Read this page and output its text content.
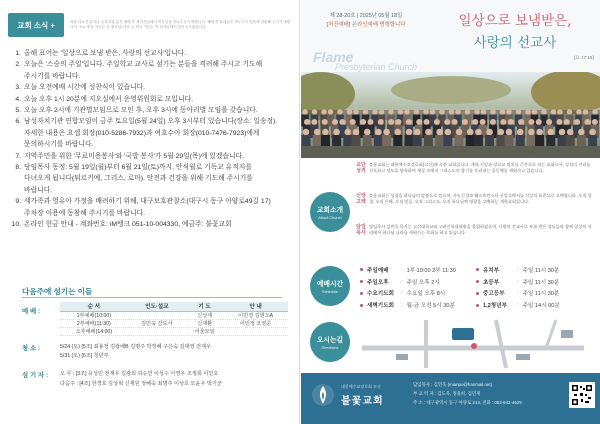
교회 소식 +	처음 나오신 분이나 등록하실 분은 예배 후 새가족실에서 목사님을 만나주시기 바랍니다. 예배 중 휴대폰은 꺼두시고 말씀에 집중해 주시기 바랍니다. 오늘 헌금 기도는 김 집사님, 다음 주 헌금 기도는 이 집사님께서 맡아주시겠습니다.
1. 올해 표어는 '일상으로 보냄 받은, 사랑의 선교사'입니다.
2. 오늘은 '스승의 주일'입니다. 주일학교 교사로 섬기는 분들을 격려해 주시고 기도해
주시기를 바랍니다.
3. 오늘 오전예배 시간에 성찬식이 있습니다.
4. 오늘 오후 1시 20분에 지오실에서 운영위원회로 모입니다.
5. 오늘 오후 2시에 기관별모임으로 모인 후, 오후 3시에 동아리별 모임을 갖습니다.
6. 남성자치기관 연합모임이 금주 토요일(5월 24일) 오후 3시부터 있습니다(장소: 일송정).
자세한 내용은 요셉 회장(010-5286-7932)과 여호수아 회장(010-7476-7923)에게
문의하시기를 바랍니다.
7. 지역주민을 위한 '무료미용봉사'와 '국밥 봉사'가 5월 29일(목)에 있겠습니다.
8. 당임목사 동정: 5월 19일(월)부터 6월 21일(토)까지, 안식월로 기독교 유적지를
다녀오게 됩니다(튀르키예, 그리스, 로마). 안전과 건강을 위해 기도해 주시기를
바랍니다.
9. 세가족과 영유아 가정을 배려하기 위해, 대구보호관찰소(대구시 동구 아양로49길 17)
주차장 이용에 동참해 주시기를 바랍니다.
10. 온라인 헌금 안내 - 계좌번호: iM뱅크 051-10-004330, 예금주: 불꽃교회
다음주에 섬기는 이들
예 배 :
순 서	인도·설교	기 도	안 내
1부예배(10:00)		신성재	이민경 김현오A
2부예배(11:30)	김민욱 강도사	신재환	이민정 조영준
오후예배(14:00)		어울모임	
청 소 :	5/24 (토) [5조] 최용정 김광배B 김명주 박정혜 구은숙 김대영 전재우
5/31 (토) [6조] 청년부
섬 기 자 : 오 루 : [3조] 유성민 전재우 김광희 허승민 이성수 이영우 조정희 이민호
다음주 : [4조] 한경호 김상혁 신재원 정혜숙 최명주 이성호 모윤우 박기군
제 28-20호 | 2025년 05월 18일
[처진예배] 온라인예배 병행합니다	일상으로 보냄받은,
사랑의 선교사
(요 17:18)
Flame
Presbyterian Church
교회소개
About Church
교단
성격
불꽃교회는 대한예수교장로회(고신)에 속한 교회입니다. 개혁 신앙과 장로교 정치를 근간으로 하는 교회로서, 성경의 진리를 선포하고 성도를 양육하며 세상 속에서 그리스도의 향기를 드러내는 공동체를 세워가고 있습니다.
신앙
고백
불꽃교회는 성경을 하나님의 말씀으로 믿으며, 사도신경과 웨스트민스터 신앙고백서를 신앙의 표준으로 고백합니다. 오직 성경, 오직 은혜, 오직 믿음, 오직 그리스도, 오직 하나님께 영광을 고백하는 개혁교회입니다.
담임
목사
담임목사 김민욱 목사는 고신대학교와 고려신학대학원을 졸업하였으며, 사랑의 선교사로 부름 받은 성도들과 함께 일상의 자리에서 하나님 나라를 세워가는 목회를 하고 있습니다.
예배시간
Schedule
주일예배	: 1부 10:00 2부 11:30	유치부	: 주일 11시 30분
주일오후	: 주일 오후 2시	초등부	: 주일 11시 30분
수요기도회	: 수요일 오후 8시	중고등부	: 주일 11시 30분
새벽기도회	: 월-금 오전 5시 30분	1,2청년부	: 주일 14시 00분
오시는길
Directions
대한예수교장로회 고신
불꽃교회
담임목사 : 김민욱 (mianpo@hanmail.net)
부 교 역 자 : 김도욱, 정윤희, 김민재
주 소 : 대구광역시 동구 아양로 213, 전화 : 053-942-4629
